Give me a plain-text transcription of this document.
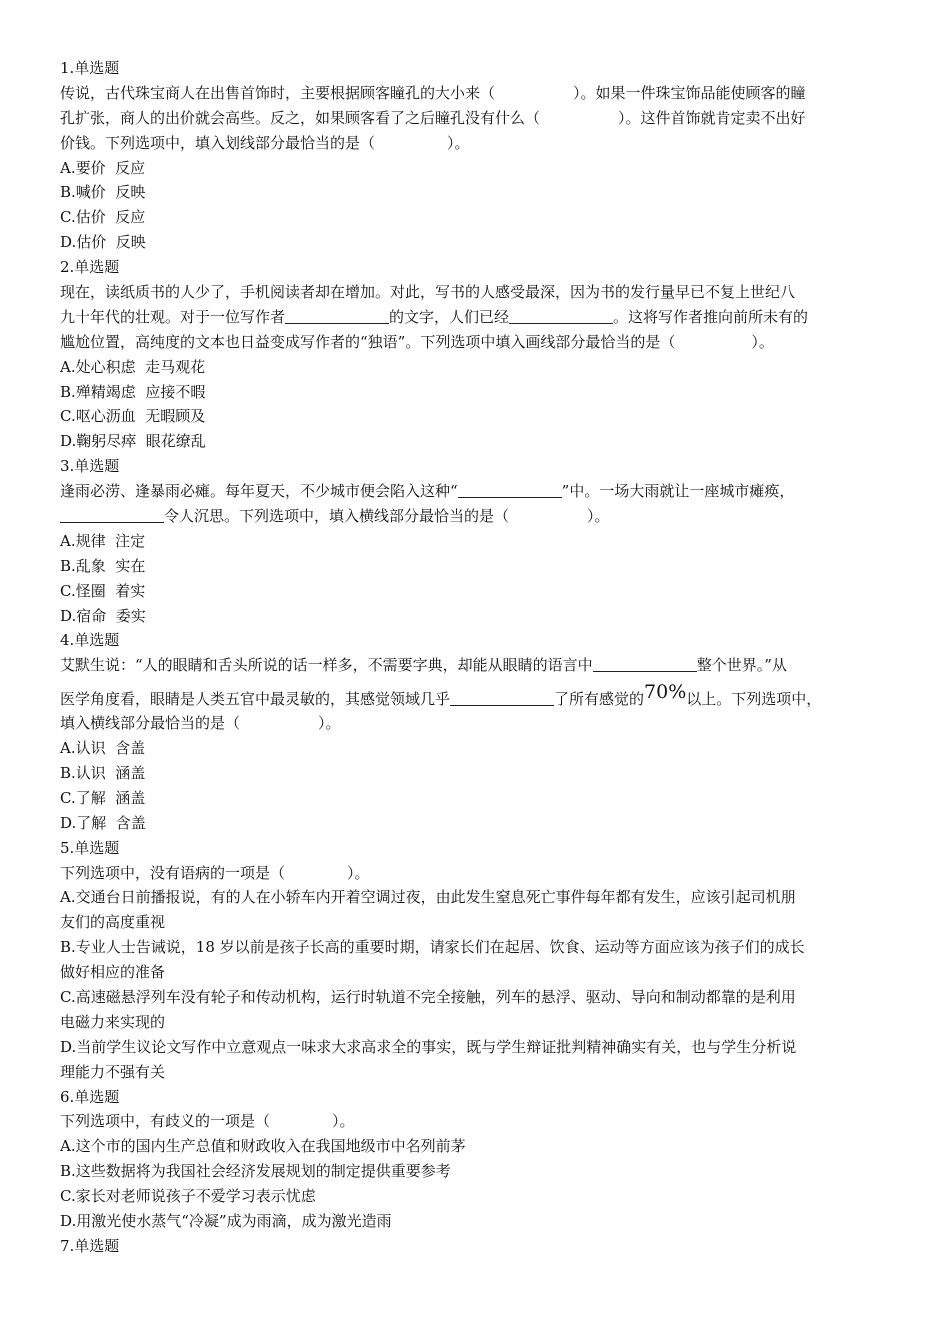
1.单选题
传说，古代珠宝商人在出售首饰时，主要根据顾客瞳孔的大小来（	）。如果一件珠宝饰品能使顾客的瞳
孔扩张，商人的出价就会高些。反之，如果顾客看了之后瞳孔没有什么（	）。这件首饰就肯定卖不出好
价钱。下列选项中，填入划线部分最恰当的是（	）。
A.要价  反应
B.喊价  反映
C.估价  反应
D.估价  反映
2.单选题
现在，读纸质书的人少了，手机阅读者却在增加。对此，写书的人感受最深，因为书的发行量早已不复上世纪八
九十年代的壮观。对于一位写作者	的文字，人们已经	。这将写作者推向前所未有的
尴尬位置，高纯度的文本也日益变成写作者的“独语”。下列选项中填入画线部分最恰当的是（	）。
A.处心积虑  走马观花
B.殚精竭虑  应接不暇
C.呕心沥血  无暇顾及
D.鞠躬尽瘁  眼花缭乱
3.单选题
逢雨必涝、逢暴雨必瘫。每年夏天，不少城市便会陷入这种“	”中。一场大雨就让一座城市瘫痪，
令人沉思。下列选项中，填入横线部分最恰当的是（	）。
A.规律  注定
B.乱象  实在
C.怪圈  着实
D.宿命  委实
4.单选题
艾默生说：“人的眼睛和舌头所说的话一样多，不需要字典，却能从眼睛的语言中	整个世界。”从
医学角度看，眼睛是人类五官中最灵敏的，其感觉领域几乎	了所有感觉的70%以上。下列选项中，
填入横线部分最恰当的是（	）。
A.认识  含盖
B.认识  涵盖
C.了解  涵盖
D.了解  含盖
5.单选题
下列选项中，没有语病的一项是（	）。
A.交通台日前播报说，有的人在小轿车内开着空调过夜，由此发生窒息死亡事件每年都有发生，应该引起司机朋
友们的高度重视
B.专业人士告诫说，18 岁以前是孩子长高的重要时期，请家长们在起居、饮食、运动等方面应该为孩子们的成长
做好相应的准备
C.高速磁悬浮列车没有轮子和传动机构，运行时轨道不完全接触，列车的悬浮、驱动、导向和制动都靠的是利用
电磁力来实现的
D.当前学生议论文写作中立意观点一味求大求高求全的事实，既与学生辩证批判精神确实有关，也与学生分析说
理能力不强有关
6.单选题
下列选项中，有歧义的一项是（	）。
A.这个市的国内生产总值和财政收入在我国地级市中名列前茅
B.这些数据将为我国社会经济发展规划的制定提供重要参考
C.家长对老师说孩子不爱学习表示忧虑
D.用激光使水蒸气“冷凝”成为雨滴，成为激光造雨
7.单选题
